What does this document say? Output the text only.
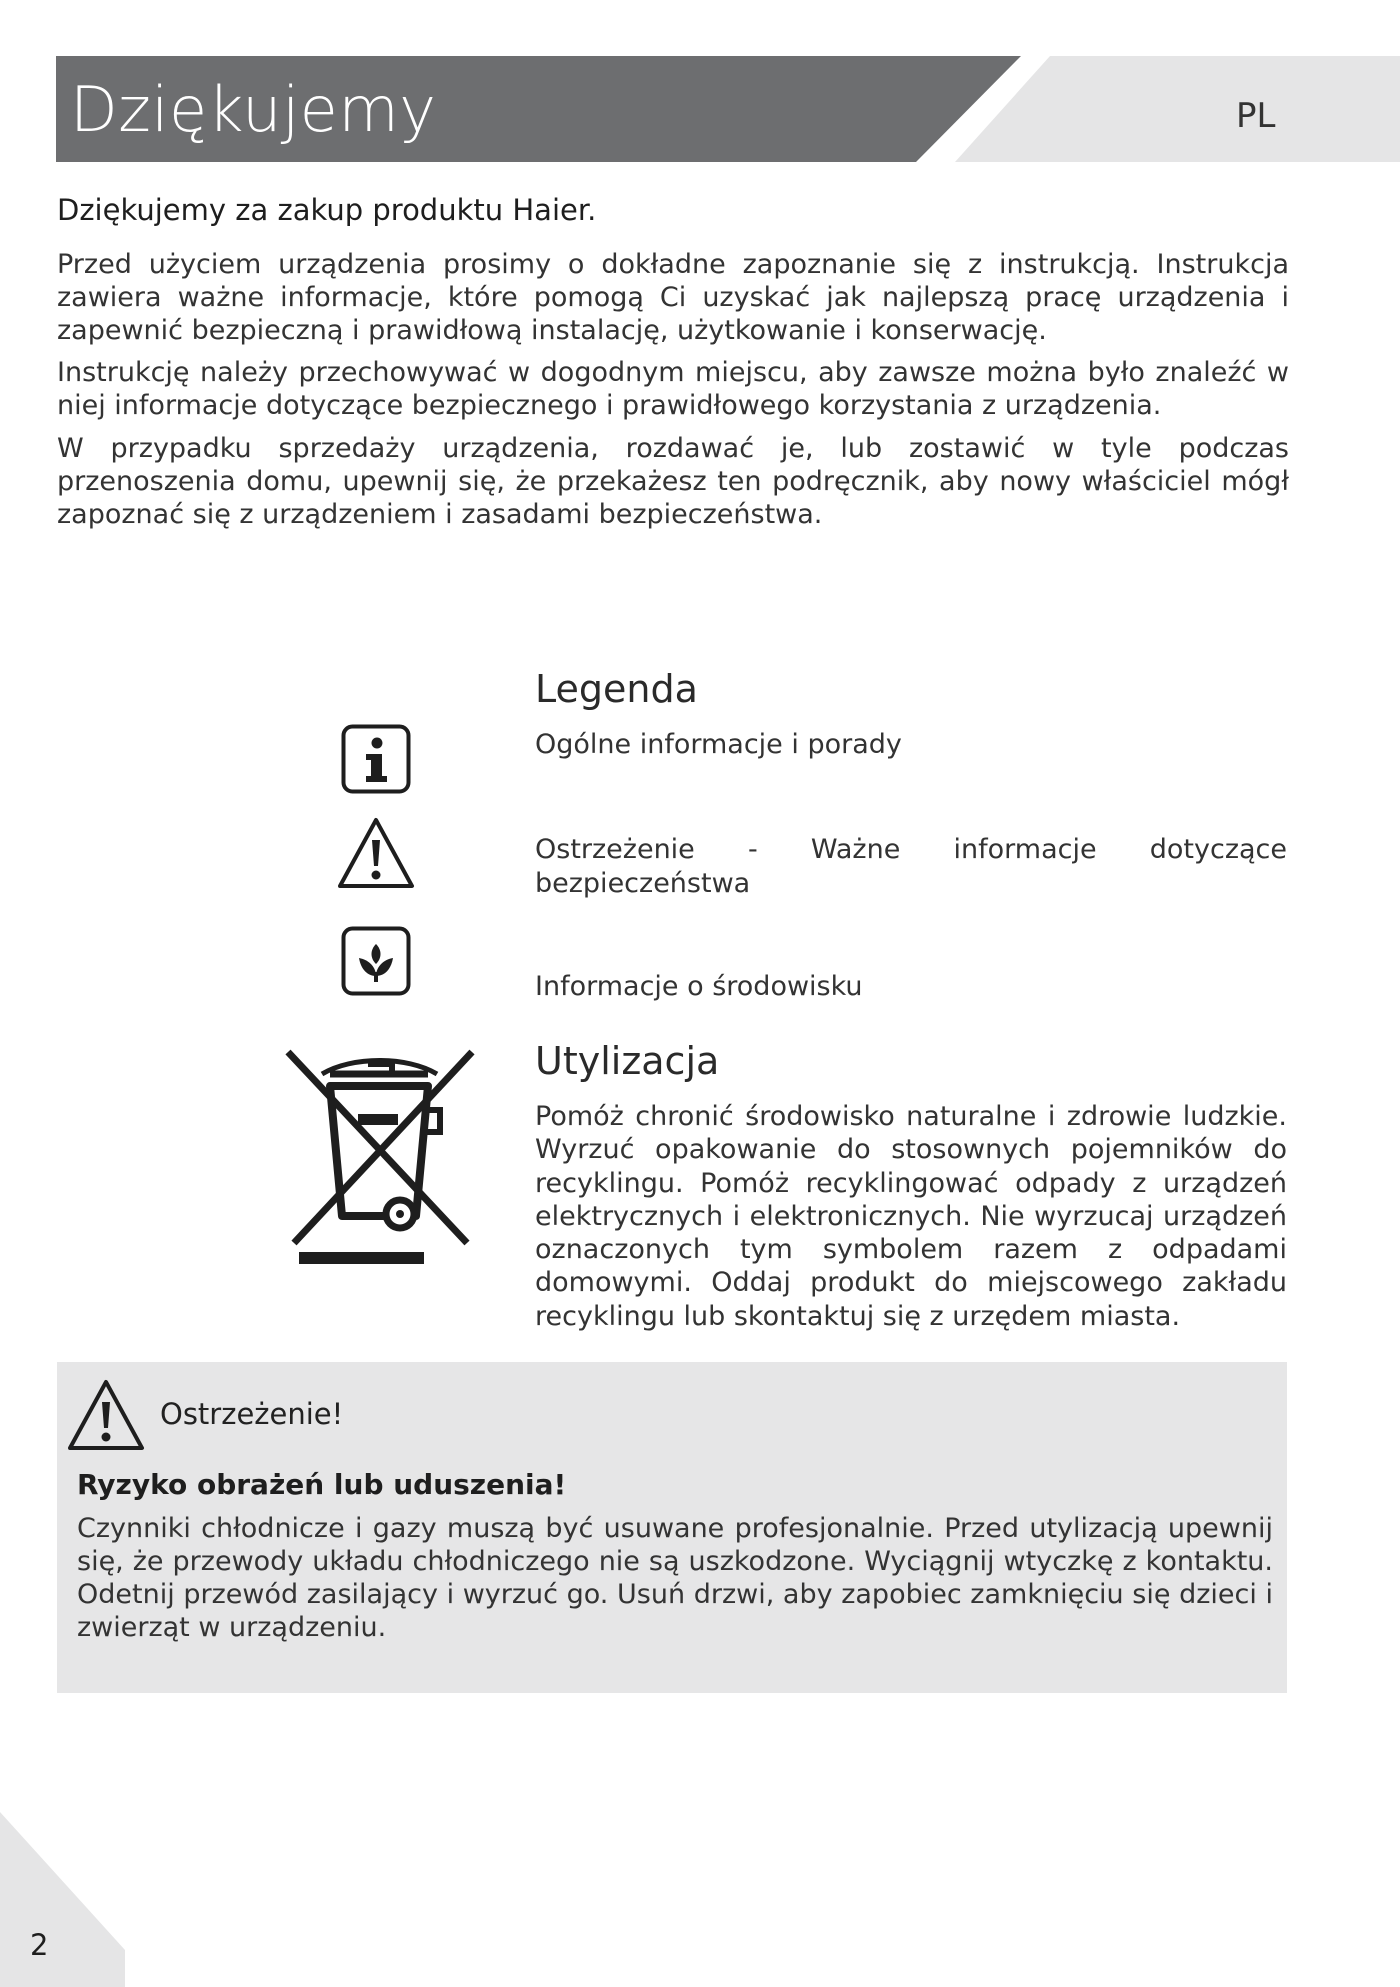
Dziękujemy	PL
Dziękujemy za zakup produktu Haier.

Przed użyciem urządzenia prosimy o dokładne zapoznanie się z instrukcją. Instrukcja zawiera ważne informacje, które pomogą Ci uzyskać jak najlepszą pracę urządzenia i zapewnić bezpieczną i prawidłową instalację, użytkowanie i konserwację.

Instrukcję należy przechowywać w dogodnym miejscu, aby zawsze można było znaleźć w niej informacje dotyczące bezpiecznego i prawidłowego korzystania z urządzenia.

W przypadku sprzedaży urządzenia, rozdawać je, lub zostawić w tyle podczas przenoszenia domu, upewnij się, że przekażesz ten podręcznik, aby nowy właściciel mógł zapoznać się z urządzeniem i zasadami bezpieczeństwa.

Legenda

Ogólne informacje i porady

Ostrzeżenie - Ważne informacje dotyczące bezpieczeństwa

Informacje o środowisku

Utylizacja

Pomóż chronić środowisko naturalne i zdrowie ludzkie. Wyrzuć opakowanie do stosownych pojemników do recyklingu. Pomóż recyklingować odpady z urządzeń elektrycznych i elektronicznych. Nie wyrzucaj urządzeń oznaczonych tym symbolem razem z odpadami domowymi. Oddaj produkt do miejscowego zakładu recyklingu lub skontaktuj się z urzędem miasta.

Ostrzeżenie!
Ryzyko obrażeń lub uduszenia!

Czynniki chłodnicze i gazy muszą być usuwane profesjonalnie. Przed utylizacją upewnij się, że przewody układu chłodniczego nie są uszkodzone. Wyciągnij wtyczkę z kontaktu. Odetnij przewód zasilający i wyrzuć go. Usuń drzwi, aby zapobiec zamknięciu się dzieci i zwierząt w urządzeniu.

2
